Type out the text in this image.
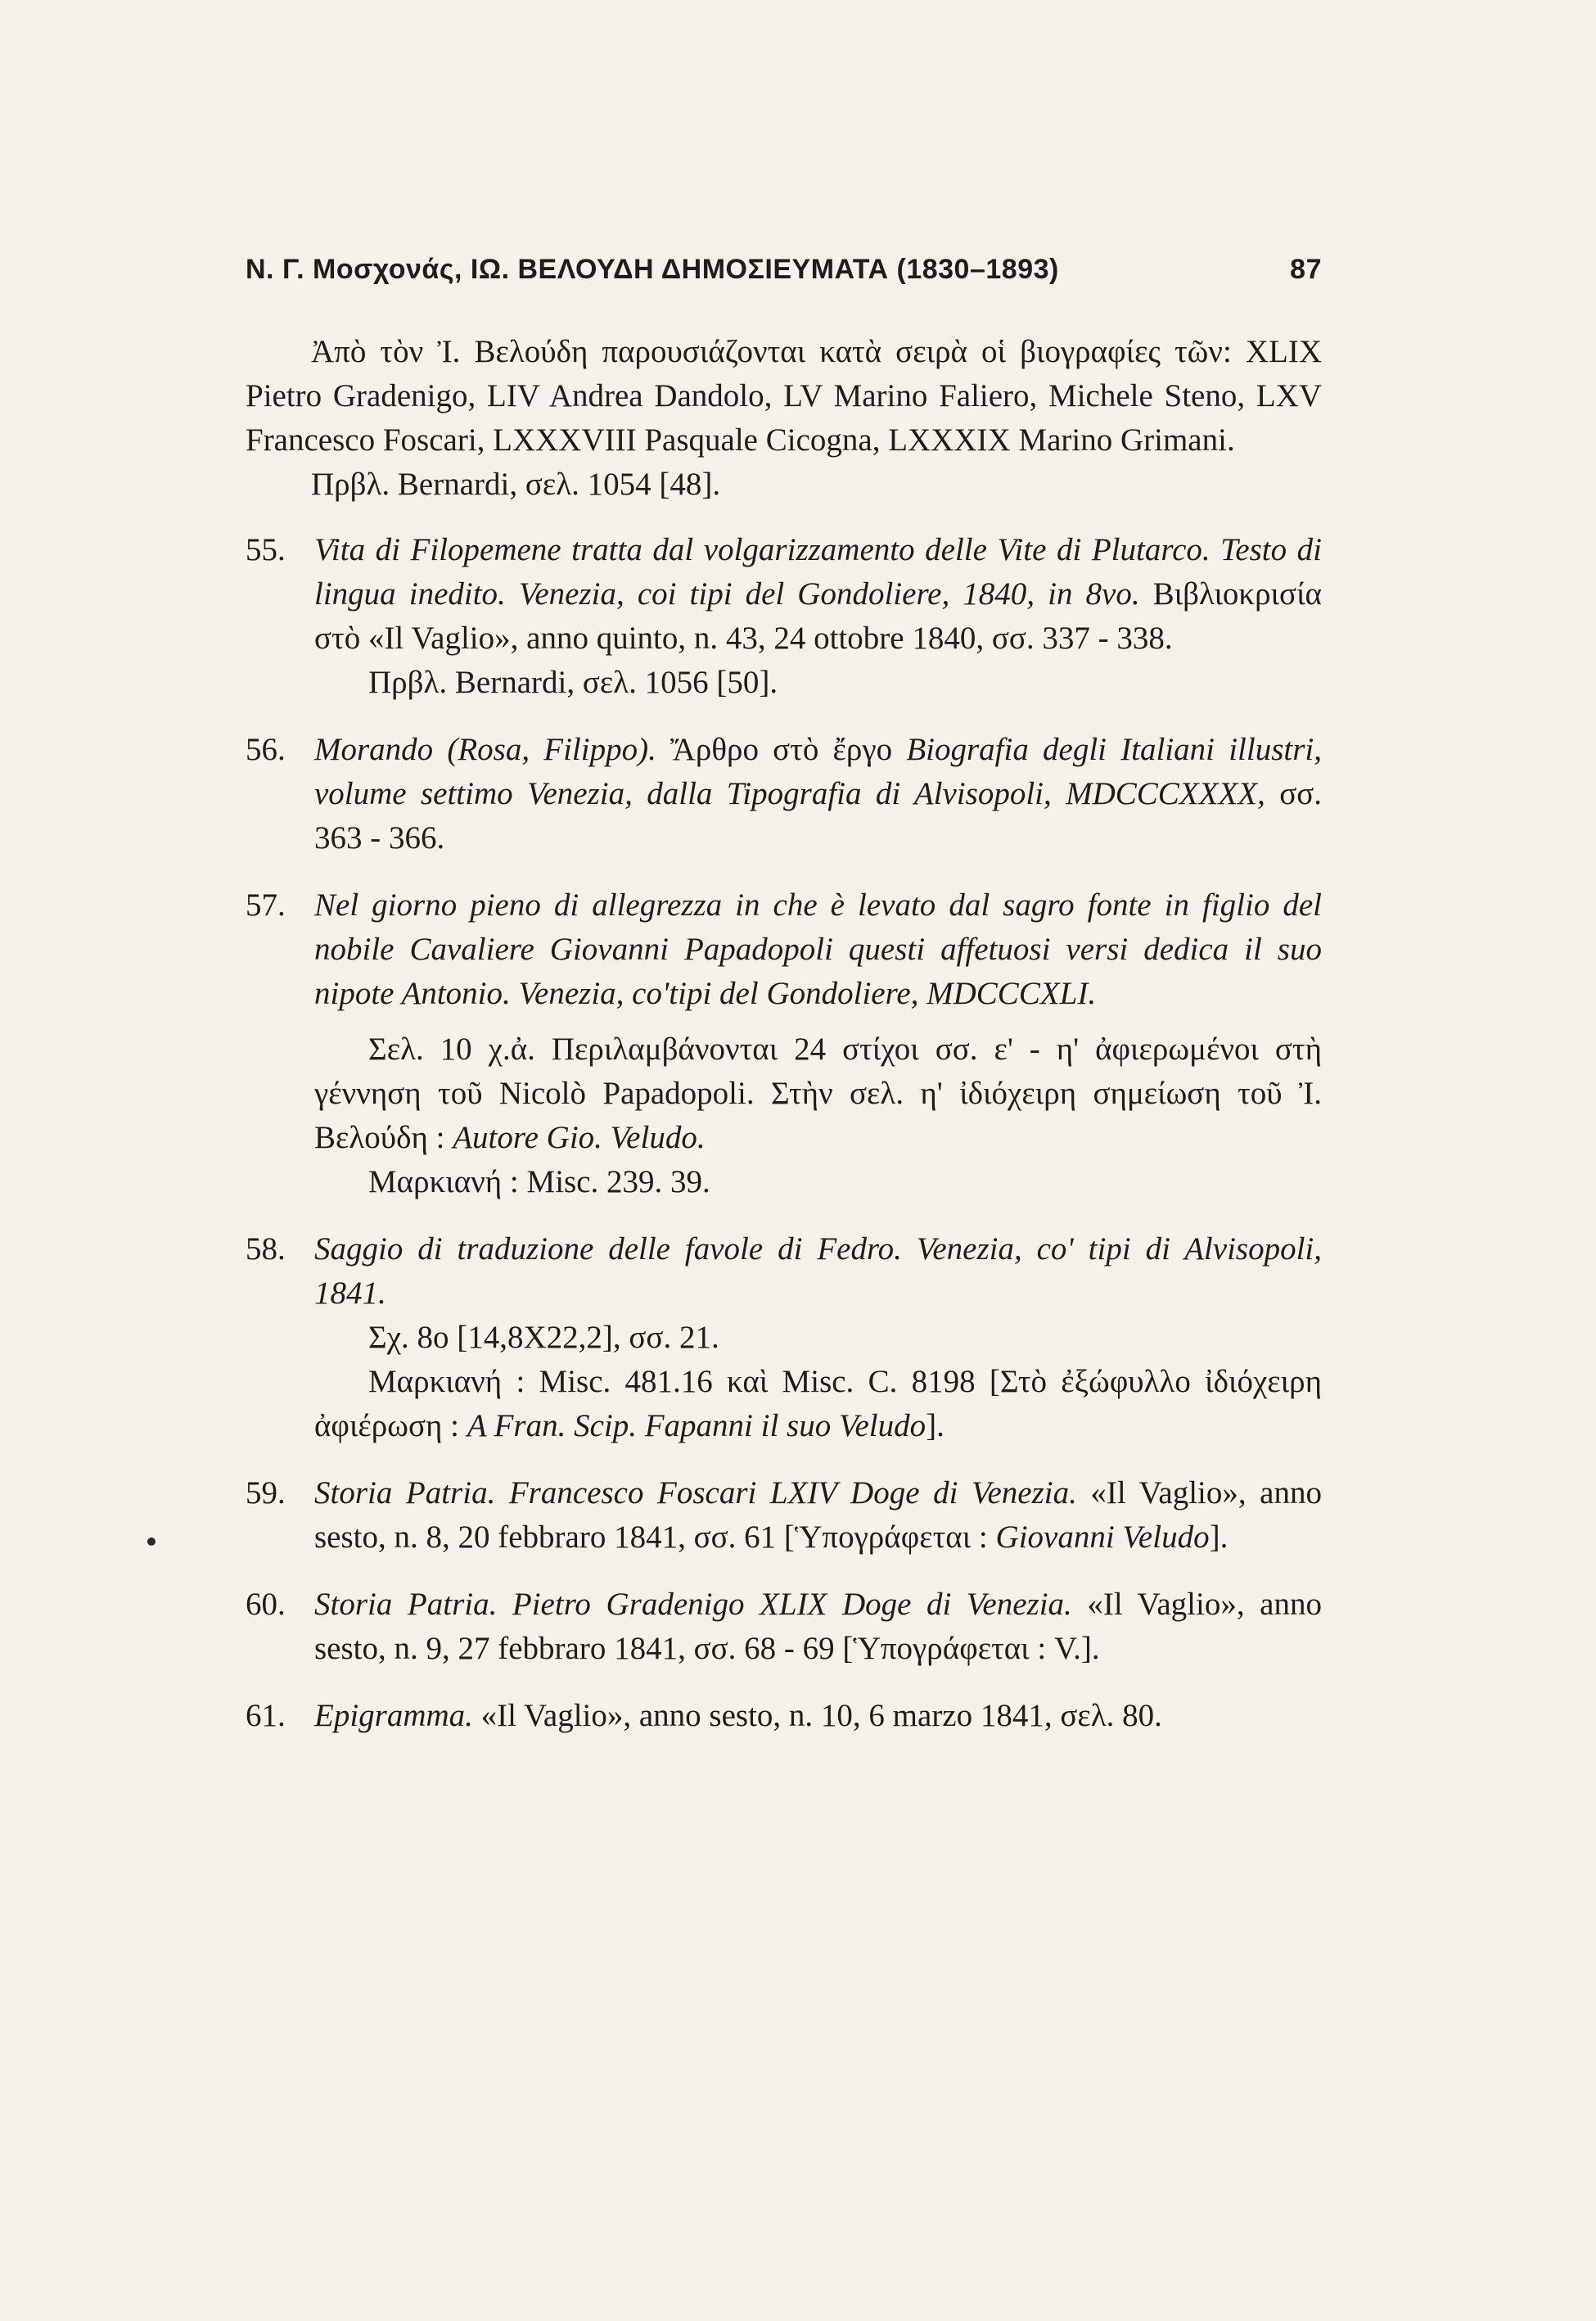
Ν. Γ. Μοσχονάς, ΙΩ. ΒΕΛΟΥΔΗ ΔΗΜΟΣΙΕΥΜΑΤΑ (1830–1893)	87

Ἀπὸ τὸν Ἰ. Βελούδη παρουσιάζονται κατὰ σειρὰ οἱ βιογραφίες τῶν: XLIX Pietro Gradenigo, LIV Andrea Dandolo, LV Marino Faliero, Michele Steno, LXV Francesco Foscari, LXXXVIII Pasquale Cicogna, LXXXIX Marino Grimani.

Πρβλ. Bernardi, σελ. 1054 [48].

55. Vita di Filopemene tratta dal volgarizzamento delle Vite di Plutarco. Testo di lingua inedito. Venezia, coi tipi del Gondoliere, 1840, in 8vo. Βιβλιοκρισία στὸ «Il Vaglio», anno quinto, n. 43, 24 ottobre 1840, σσ. 337 - 338.

Πρβλ. Bernardi, σελ. 1056 [50].

56. Morando (Rosa, Filippo). Ἄρθρο στὸ ἔργο Biografia degli Italiani illustri, volume settimo Venezia, dalla Tipografia di Alvisopoli, MDCCCXXXX, σσ. 363 - 366.

57. Nel giorno pieno di allegrezza in che è levato dal sagro fonte in figlio del nobile Cavaliere Giovanni Papadopoli questi affetuosi versi dedica il suo nipote Antonio. Venezia, co'tipi del Gondoliere, MDCCCXLI.

Σελ. 10 χ.ἀ. Περιλαμβάνονται 24 στίχοι σσ. ε' - η' ἀφιερωμένοι στὴ γέννηση τοῦ Nicolò Papadopoli. Στὴν σελ. η' ἰδιόχειρη σημείωση τοῦ Ἰ. Βελούδη : Autore Gio. Veludo.

Μαρκιανή : Misc. 239. 39.

58. Saggio di traduzione delle favole di Fedro. Venezia, co' tipi di Alvisopoli, 1841.

Σχ. 8ο [14,8X22,2], σσ. 21.

Μαρκιανή : Misc. 481.16 καὶ Misc. C. 8198 [Στὸ ἐξώφυλλο ἰδιόχειρη ἀφιέρωση : A Fran. Scip. Fapanni il suo Veludo].

59. Storia Patria. Francesco Foscari LXIV Doge di Venezia. «Il Vaglio», anno sesto, n. 8, 20 febbraro 1841, σσ. 61 [Ὑπογράφεται : Giovanni Veludo].

60. Storia Patria. Pietro Gradenigo XLIX Doge di Venezia. «Il Vaglio», anno sesto, n. 9, 27 febbraro 1841, σσ. 68 - 69 [Ὑπογράφεται : V.].

61. Epigramma. «Il Vaglio», anno sesto, n. 10, 6 marzo 1841, σελ. 80.
